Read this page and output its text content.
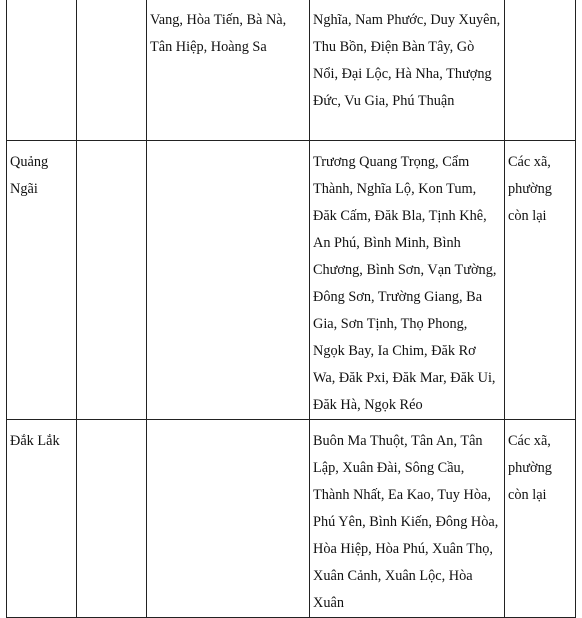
		Vang, Hòa Tiến, Bà Nà, Tân Hiệp, Hoàng Sa	Nghĩa, Nam Phước, Duy Xuyên, Thu Bồn, Điện Bàn Tây, Gò Nổi, Đại Lộc, Hà Nha, Thượng Đức, Vu Gia, Phú Thuận	
Quảng Ngãi			Trương Quang Trọng, Cẩm Thành, Nghĩa Lộ, Kon Tum, Đăk Cấm, Đăk Bla, Tịnh Khê, An Phú, Bình Minh, Bình Chương, Bình Sơn, Vạn Tường, Đông Sơn, Trường Giang, Ba Gia, Sơn Tịnh, Thọ Phong, Ngọk Bay, Ia Chim, Đăk Rơ Wa, Đăk Pxi, Đăk Mar, Đăk Ui, Đăk Hà, Ngọk Réo	Các xã, phường còn lại
Đắk Lắk			Buôn Ma Thuột, Tân An, Tân Lập, Xuân Đài, Sông Cầu, Thành Nhất, Ea Kao, Tuy Hòa, Phú Yên, Bình Kiến, Đông Hòa, Hòa Hiệp, Hòa Phú, Xuân Thọ, Xuân Cảnh, Xuân Lộc, Hòa Xuân	Các xã, phường còn lại
